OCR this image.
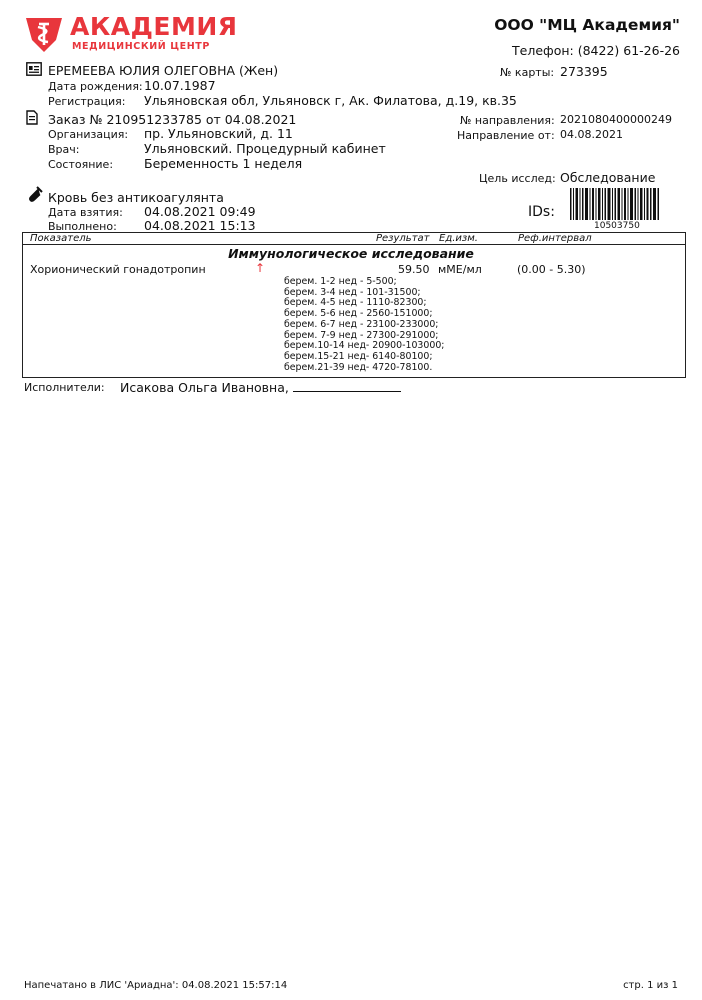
АКАДЕМИЯ
МЕДИЦИНСКИЙ ЦЕНТР
ООО "МЦ Академия"
Телефон: (8422) 61-26-26
ЕРЕМЕЕВА ЮЛИЯ ОЛЕГОВНА (Жен)
Дата рождения: 10.07.1987
Регистрация: Ульяновская обл, Ульяновск г, Ак. Филатова, д.19, кв.35
№ карты: 273395
Заказ № 210951233785 от 04.08.2021
Организация: пр. Ульяновский, д. 11
Врач:	Ульяновский. Процедурный кабинет
Состояние: Беременность 1 неделя
№ направления: 2021080400000249
Направление от: 04.08.2021
Цель исслед: Обследование
Кровь без антикоагулянта
Дата взятия: 04.08.2021 09:49
Выполнено: 04.08.2021 15:13
IDs:
10503750
Показатель	Результат Ед.изм.	Реф.интервал
Иммунологическое исследование
Хорионический гонадотропин	↑	59.50 мМЕ/мл	(0.00 - 5.30)
берем. 1-2 нед - 5-500;
берем. 3-4 нед - 101-31500;
берем. 4-5 нед - 1110-82300;
берем. 5-6 нед - 2560-151000;
берем. 6-7 нед - 23100-233000;
берем. 7-9 нед - 27300-291000;
берем.10-14 нед- 20900-103000;
берем.15-21 нед- 6140-80100;
берем.21-39 нед- 4720-78100.
Исполнители: Исакова Ольга Ивановна,
Напечатано в ЛИС 'Ариадна': 04.08.2021 15:57:14	стр. 1 из 1
